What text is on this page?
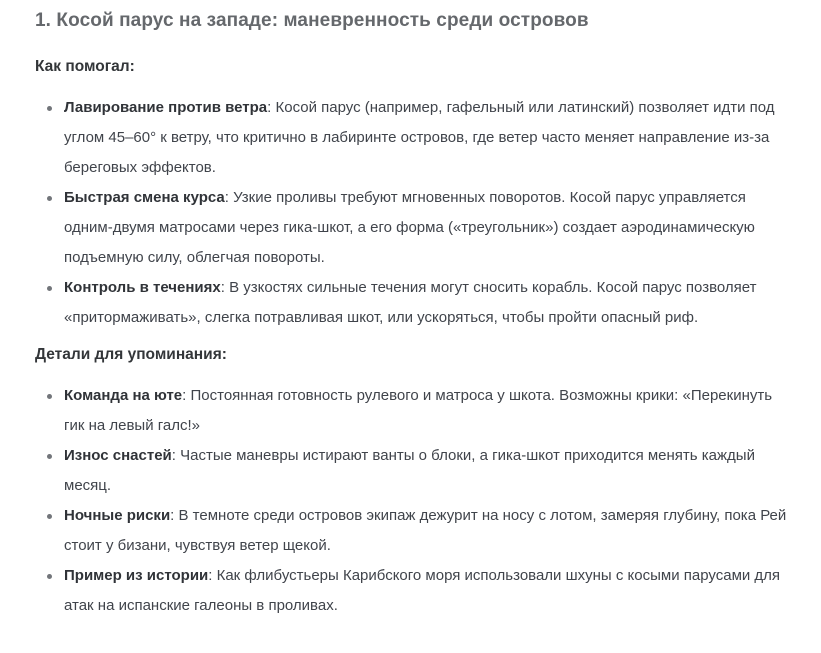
1. Косой парус на западе: маневренность среди островов

Как помогал:

Лавирование против ветра: Косой парус (например, гафельный или латинский) позволяет идти под углом 45–60° к ветру, что критично в лабиринте островов, где ветер часто меняет направление из-за береговых эффектов.
Быстрая смена курса: Узкие проливы требуют мгновенных поворотов. Косой парус управляется одним-двумя матросами через гика-шкот, а его форма («треугольник») создает аэродинамическую подъемную силу, облегчая повороты.
Контроль в течениях: В узкостях сильные течения могут сносить корабль. Косой парус позволяет «притормаживать», слегка потравливая шкот, или ускоряться, чтобы пройти опасный риф.

Детали для упоминания:

Команда на юте: Постоянная готовность рулевого и матроса у шкота. Возможны крики: «Перекинуть гик на левый галс!»
Износ снастей: Частые маневры истирают ванты о блоки, а гика-шкот приходится менять каждый месяц.
Ночные риски: В темноте среди островов экипаж дежурит на носу с лотом, замеряя глубину, пока Рей стоит у бизани, чувствуя ветер щекой.
Пример из истории: Как флибустьеры Карибского моря использовали шхуны с косыми парусами для атак на испанские галеоны в проливах.
